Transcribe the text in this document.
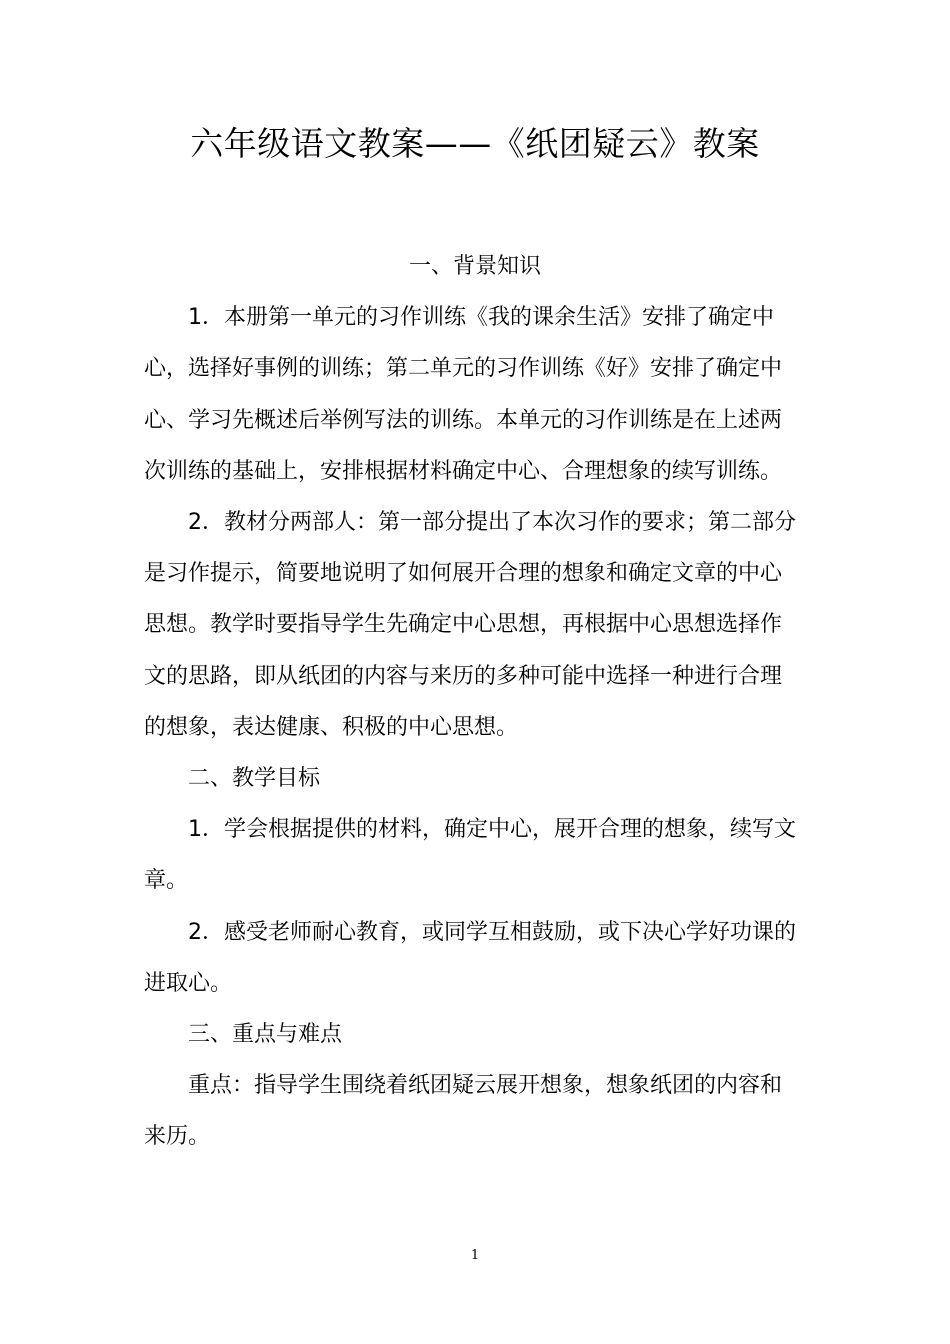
六年级语文教案——《纸团疑云》教案
一、背景知识
1．本册第一单元的习作训练《我的课余生活》安排了确定中
心，选择好事例的训练；第二单元的习作训练《好》安排了确定中
心、学习先概述后举例写法的训练。本单元的习作训练是在上述两
次训练的基础上，安排根据材料确定中心、合理想象的续写训练。
2．教材分两部人：第一部分提出了本次习作的要求；第二部分
是习作提示，简要地说明了如何展开合理的想象和确定文章的中心
思想。教学时要指导学生先确定中心思想，再根据中心思想选择作
文的思路，即从纸团的内容与来历的多种可能中选择一种进行合理
的想象，表达健康、积极的中心思想。
二、教学目标
1．学会根据提供的材料，确定中心，展开合理的想象，续写文
章。
2．感受老师耐心教育，或同学互相鼓励，或下决心学好功课的
进取心。
三、重点与难点
重点：指导学生围绕着纸团疑云展开想象，想象纸团的内容和
来历。
1
